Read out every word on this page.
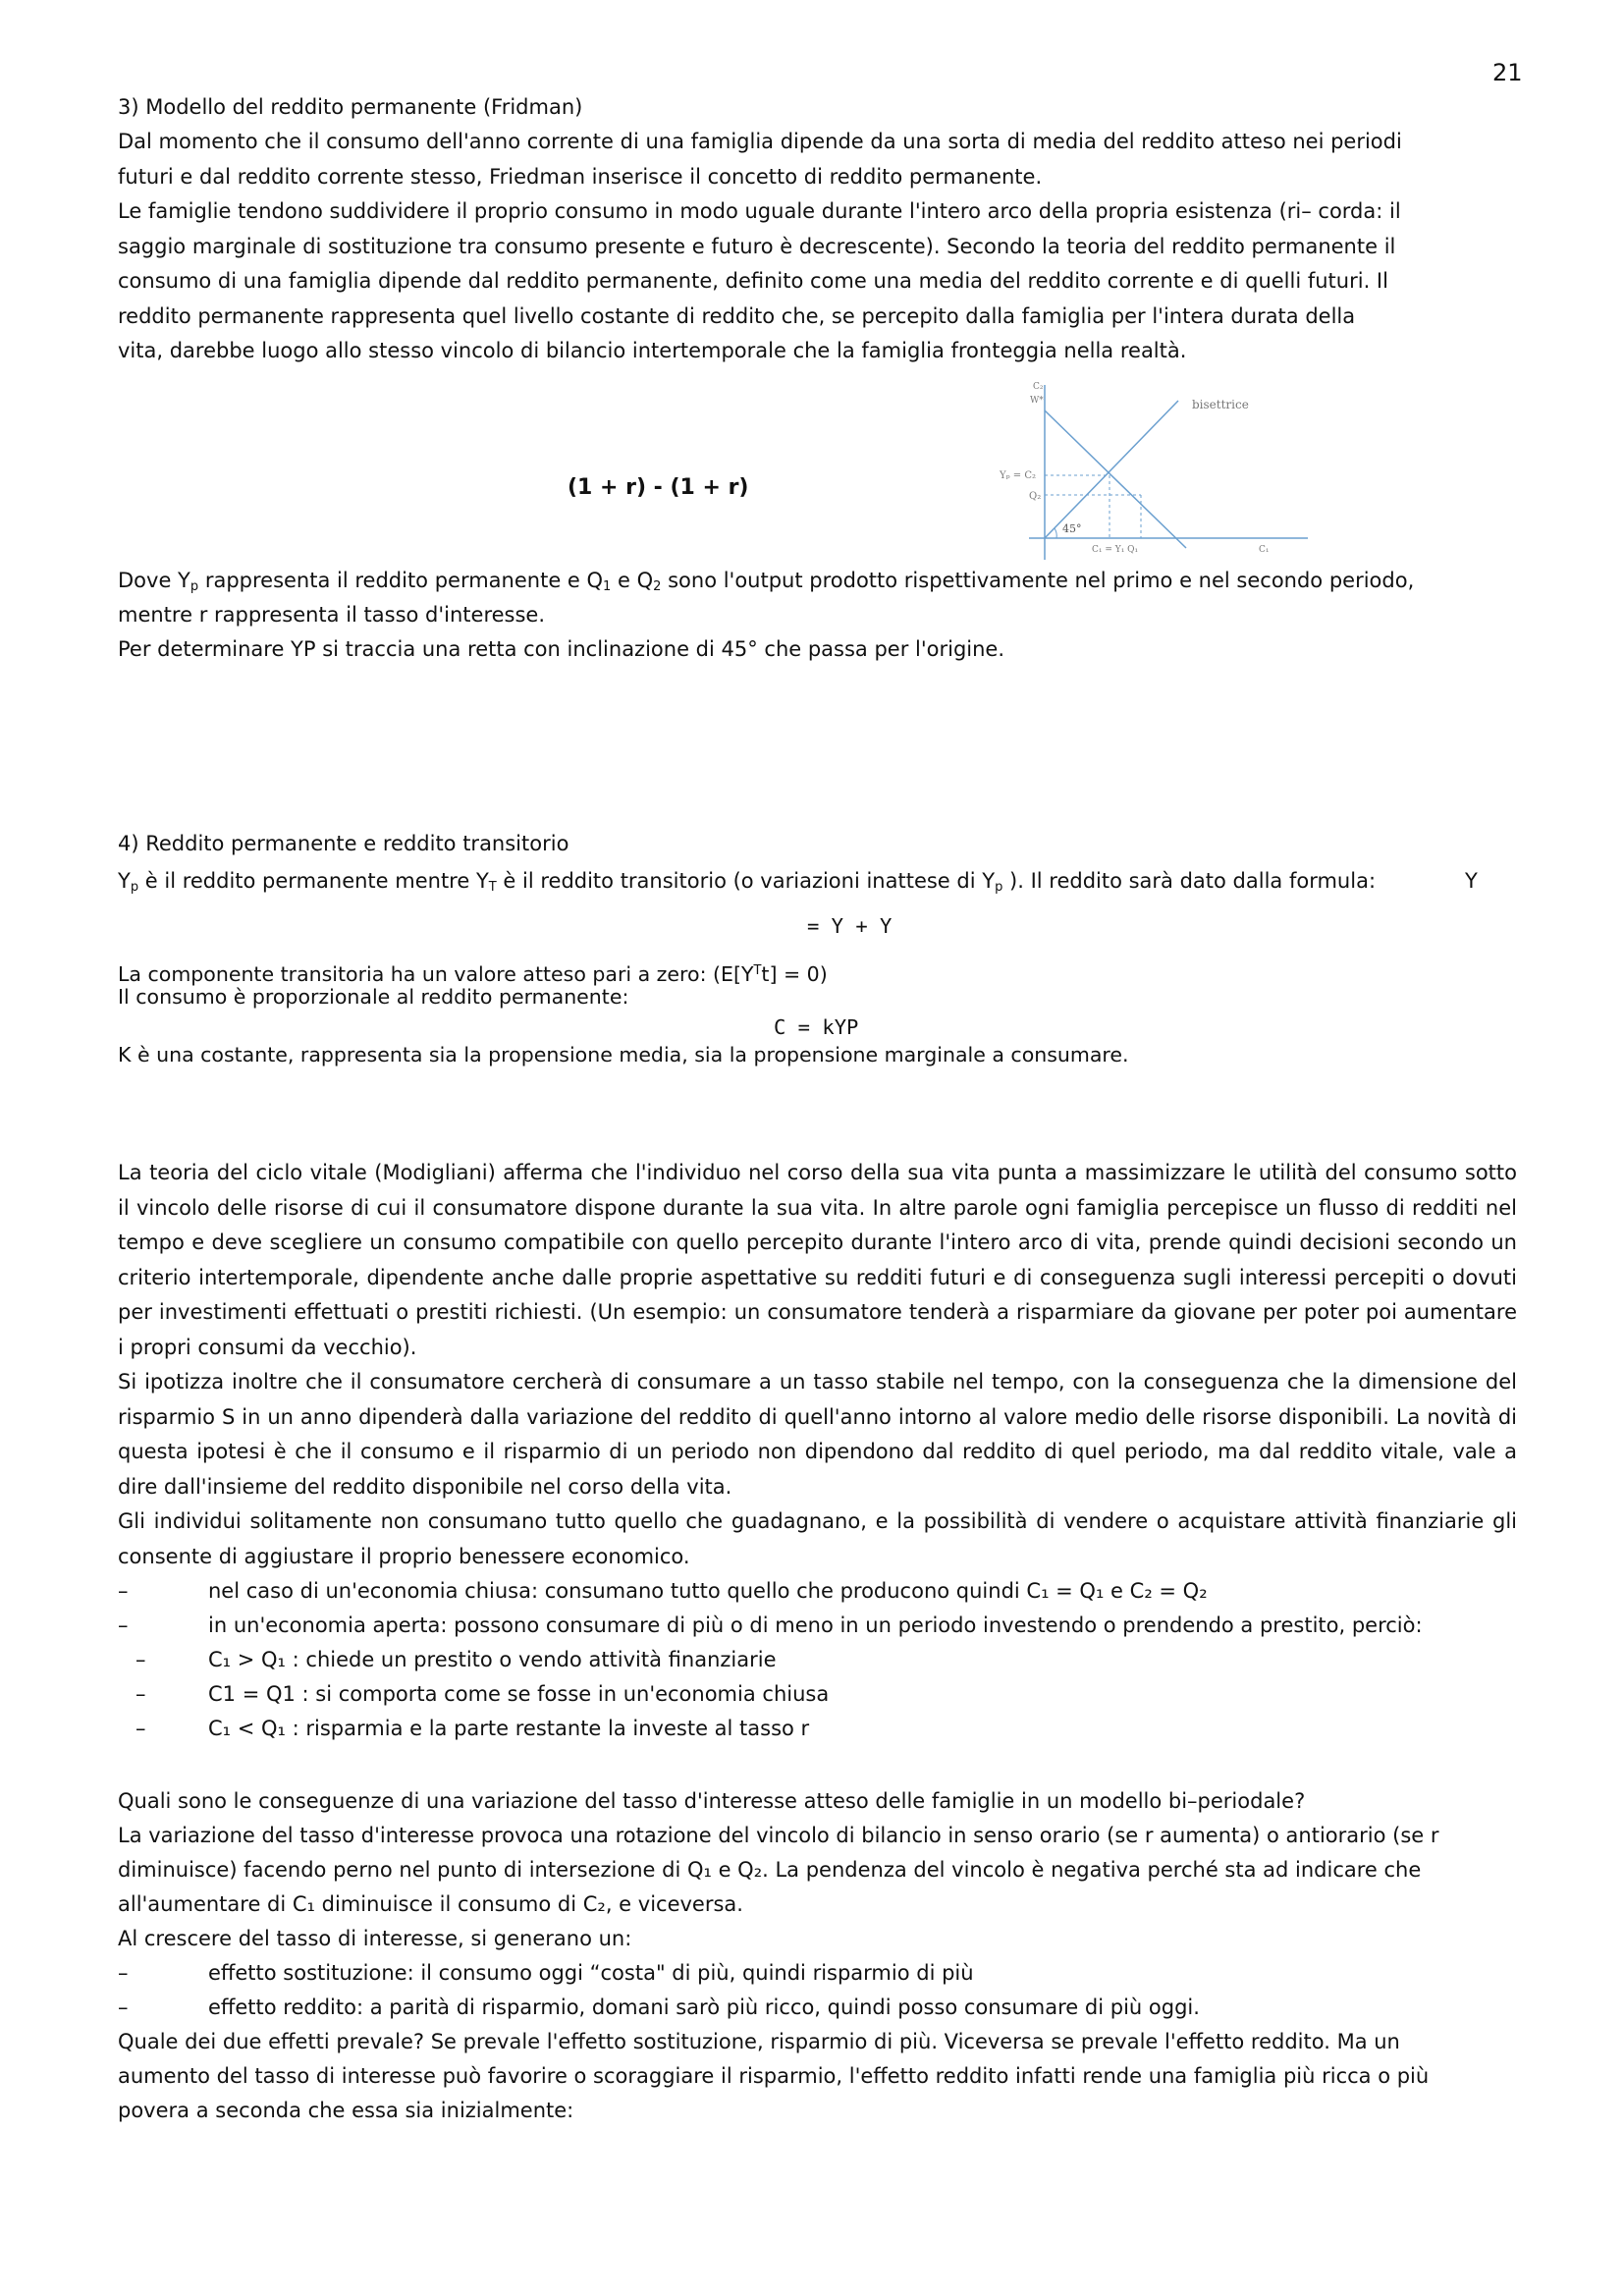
21
3) Modello del reddito permanente (Fridman)
Dal momento che il consumo dell'anno corrente di una famiglia dipende da una sorta di media del reddito atteso nei periodi futuri e dal reddito corrente stesso, Friedman inserisce il concetto di reddito permanente.
Le famiglie tendono suddividere il proprio consumo in modo uguale durante l'intero arco della propria esistenza (ri– corda: il saggio marginale di sostituzione tra consumo presente e futuro è decrescente). Secondo la teoria del reddito permanente il consumo di una famiglia dipende dal reddito permanente, definito come una media del reddito corrente e di quelli futuri. Il reddito permanente rappresenta quel livello costante di reddito che, se percepito dalla famiglia per l'intera durata della vita, darebbe luogo allo stesso vincolo di bilancio intertemporale che la famiglia fronteggia nella realtà.
(1 + r) - (1 + r)
C₂
W*	bisettrice
Yₚ = C₂
Q₂
45°
C₁ = Y₁ Q₁	C₁
Dove $Y_p$ rappresenta il reddito permanente e $Q_1$ e $Q_2$ sono l'output prodotto rispettivamente nel primo e nel secondo periodo,
mentre r rappresenta il tasso d'interesse.
Per determinare YP si traccia una retta con inclinazione di 45° che passa per l'origine.
4) Reddito permanente e reddito transitorio
$Y_p$ è il reddito permanente mentre $Y_T$ è il reddito transitorio (o variazioni inattese di $Y_p$ ). Il reddito sarà dato dalla formula:	Y
= Y + Y
La componente transitoria ha un valore atteso pari a zero: $(E[Y^Tt] = 0)$
Il consumo è proporzionale al reddito permanente:
C = kYP
K è una costante, rappresenta sia la propensione media, sia la propensione marginale a consumare.
La teoria del ciclo vitale (Modigliani) afferma che l'individuo nel corso della sua vita punta a massimizzare le utilità del consumo sotto il vincolo delle risorse di cui il consumatore dispone durante la sua vita. In altre parole ogni famiglia percepisce un flusso di redditi nel tempo e deve scegliere un consumo compatibile con quello percepito durante l'intero arco di vita, prende quindi decisioni secondo un criterio intertemporale, dipendente anche dalle proprie aspettative su redditi futuri e di conseguenza sugli interessi percepiti o dovuti per investimenti effettuati o prestiti richiesti. (Un esempio: un consumatore tenderà a risparmiare da giovane per poter poi aumentare i propri consumi da vecchio).
Si ipotizza inoltre che il consumatore cercherà di consumare a un tasso stabile nel tempo, con la conseguenza che la dimensione del risparmio S in un anno dipenderà dalla variazione del reddito di quell'anno intorno al valore medio delle risorse disponibili. La novità di questa ipotesi è che il consumo e il risparmio di un periodo non dipendono dal reddito di quel periodo, ma dal reddito vitale, vale a dire dall'insieme del reddito disponibile nel corso della vita.
Gli individui solitamente non consumano tutto quello che guadagnano, e la possibilità di vendere o acquistare attività finanziarie gli consente di aggiustare il proprio benessere economico.
–	nel caso di un'economia chiusa: consumano tutto quello che producono quindi C₁ = Q₁ e C₂ = Q₂
–	in un'economia aperta: possono consumare di più o di meno in un periodo investendo o prendendo a prestito, perciò:
–	C₁ > Q₁ : chiede un prestito o vendo attività finanziarie
–	C1 = Q1 : si comporta come se fosse in un'economia chiusa
–	C₁ < Q₁ : risparmia e la parte restante la investe al tasso r
Quali sono le conseguenze di una variazione del tasso d'interesse atteso delle famiglie in un modello bi–periodale?
La variazione del tasso d'interesse provoca una rotazione del vincolo di bilancio in senso orario (se r aumenta) o antiorario (se r
diminuisce) facendo perno nel punto di intersezione di Q₁ e Q₂. La pendenza del vincolo è negativa perché sta ad indicare che
all'aumentare di C₁ diminuisce il consumo di C₂, e viceversa.
Al crescere del tasso di interesse, si generano un:
–	effetto sostituzione: il consumo oggi “costa" di più, quindi risparmio di più
–	effetto reddito: a parità di risparmio, domani sarò più ricco, quindi posso consumare di più oggi.
Quale dei due effetti prevale? Se prevale l'effetto sostituzione, risparmio di più. Viceversa se prevale l'effetto reddito. Ma un
aumento del tasso di interesse può favorire o scoraggiare il risparmio, l'effetto reddito infatti rende una famiglia più ricca o più
povera a seconda che essa sia inizialmente:
